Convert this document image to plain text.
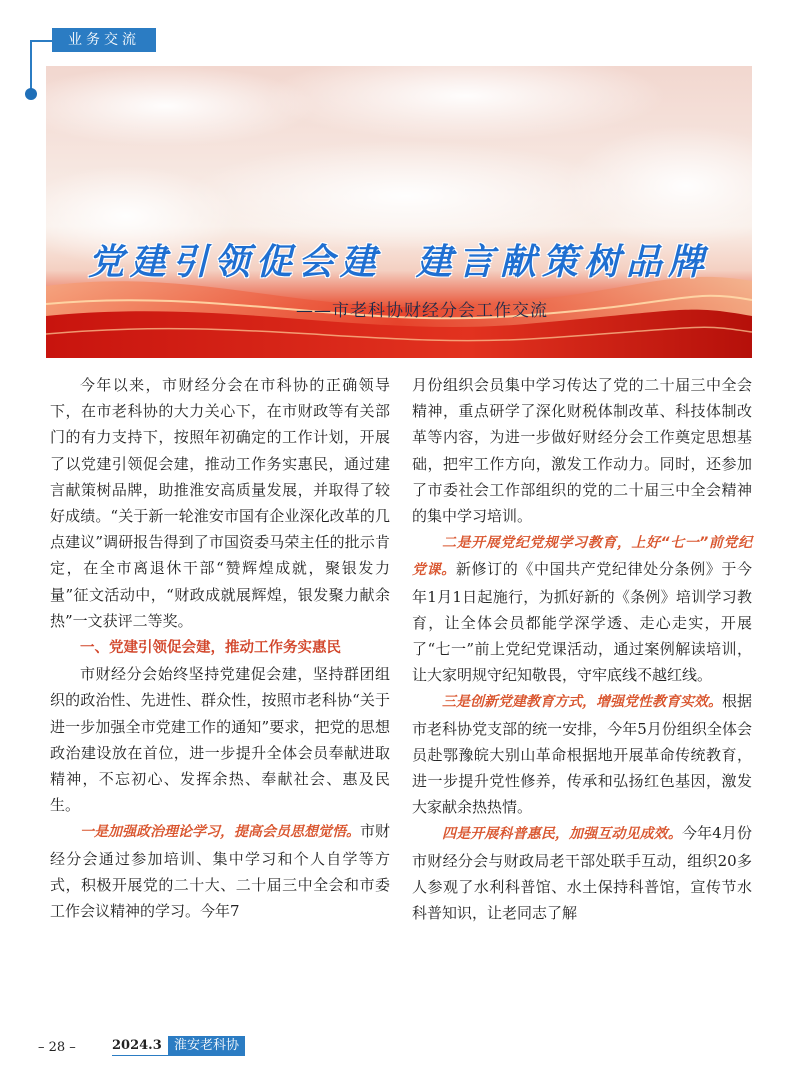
业务交流
党建引领促会建 建言献策树品牌
——市老科协财经分会工作交流

今年以来，市财经分会在市科协的正确领导下，在市老科协的大力关心下，在市财政等有关部门的有力支持下，按照年初确定的工作计划，开展了以党建引领促会建，推动工作务实惠民，通过建言献策树品牌，助推淮安高质量发展，并取得了较好成绩。“关于新一轮淮安市国有企业深化改革的几点建议”调研报告得到了市国资委马荣主任的批示肯定，在全市离退休干部“赞辉煌成就，聚银发力量”征文活动中，“财政成就展辉煌，银发聚力献余热”一文获评二等奖。

一、党建引领促会建，推动工作务实惠民

市财经分会始终坚持党建促会建，坚持群团组织的政治性、先进性、群众性，按照市老科协“关于进一步加强全市党建工作的通知”要求，把党的思想政治建设放在首位，进一步提升全体会员奉献进取精神，不忘初心、发挥余热、奉献社会、惠及民生。

一是加强政治理论学习，提高会员思想觉悟。市财经分会通过参加培训、集中学习和个人自学等方式，积极开展党的二十大、二十届三中全会和市委工作会议精神的学习。今年7

月份组织会员集中学习传达了党的二十届三中全会精神，重点研学了深化财税体制改革、科技体制改革等内容，为进一步做好财经分会工作奠定思想基础，把牢工作方向，激发工作动力。同时，还参加了市委社会工作部组织的党的二十届三中全会精神的集中学习培训。

二是开展党纪党规学习教育，上好“七一”前党纪党课。新修订的《中国共产党纪律处分条例》于今年1月1日起施行，为抓好新的《条例》培训学习教育，让全体会员都能学深学透、走心走实，开展了“七一”前上党纪党课活动，通过案例解读培训，让大家明规守纪知敬畏，守牢底线不越红线。

三是创新党建教育方式，增强党性教育实效。根据市老科协党支部的统一安排，今年5月份组织全体会员赴鄂豫皖大别山革命根据地开展革命传统教育，进一步提升党性修养，传承和弘扬红色基因，激发大家献余热热情。

四是开展科普惠民，加强互动见成效。今年4月份市财经分会与财政局老干部处联手互动，组织20多人参观了水利科普馆、水土保持科普馆，宣传节水科普知识，让老同志了解

– 28 –	2024.3 淮安老科协
